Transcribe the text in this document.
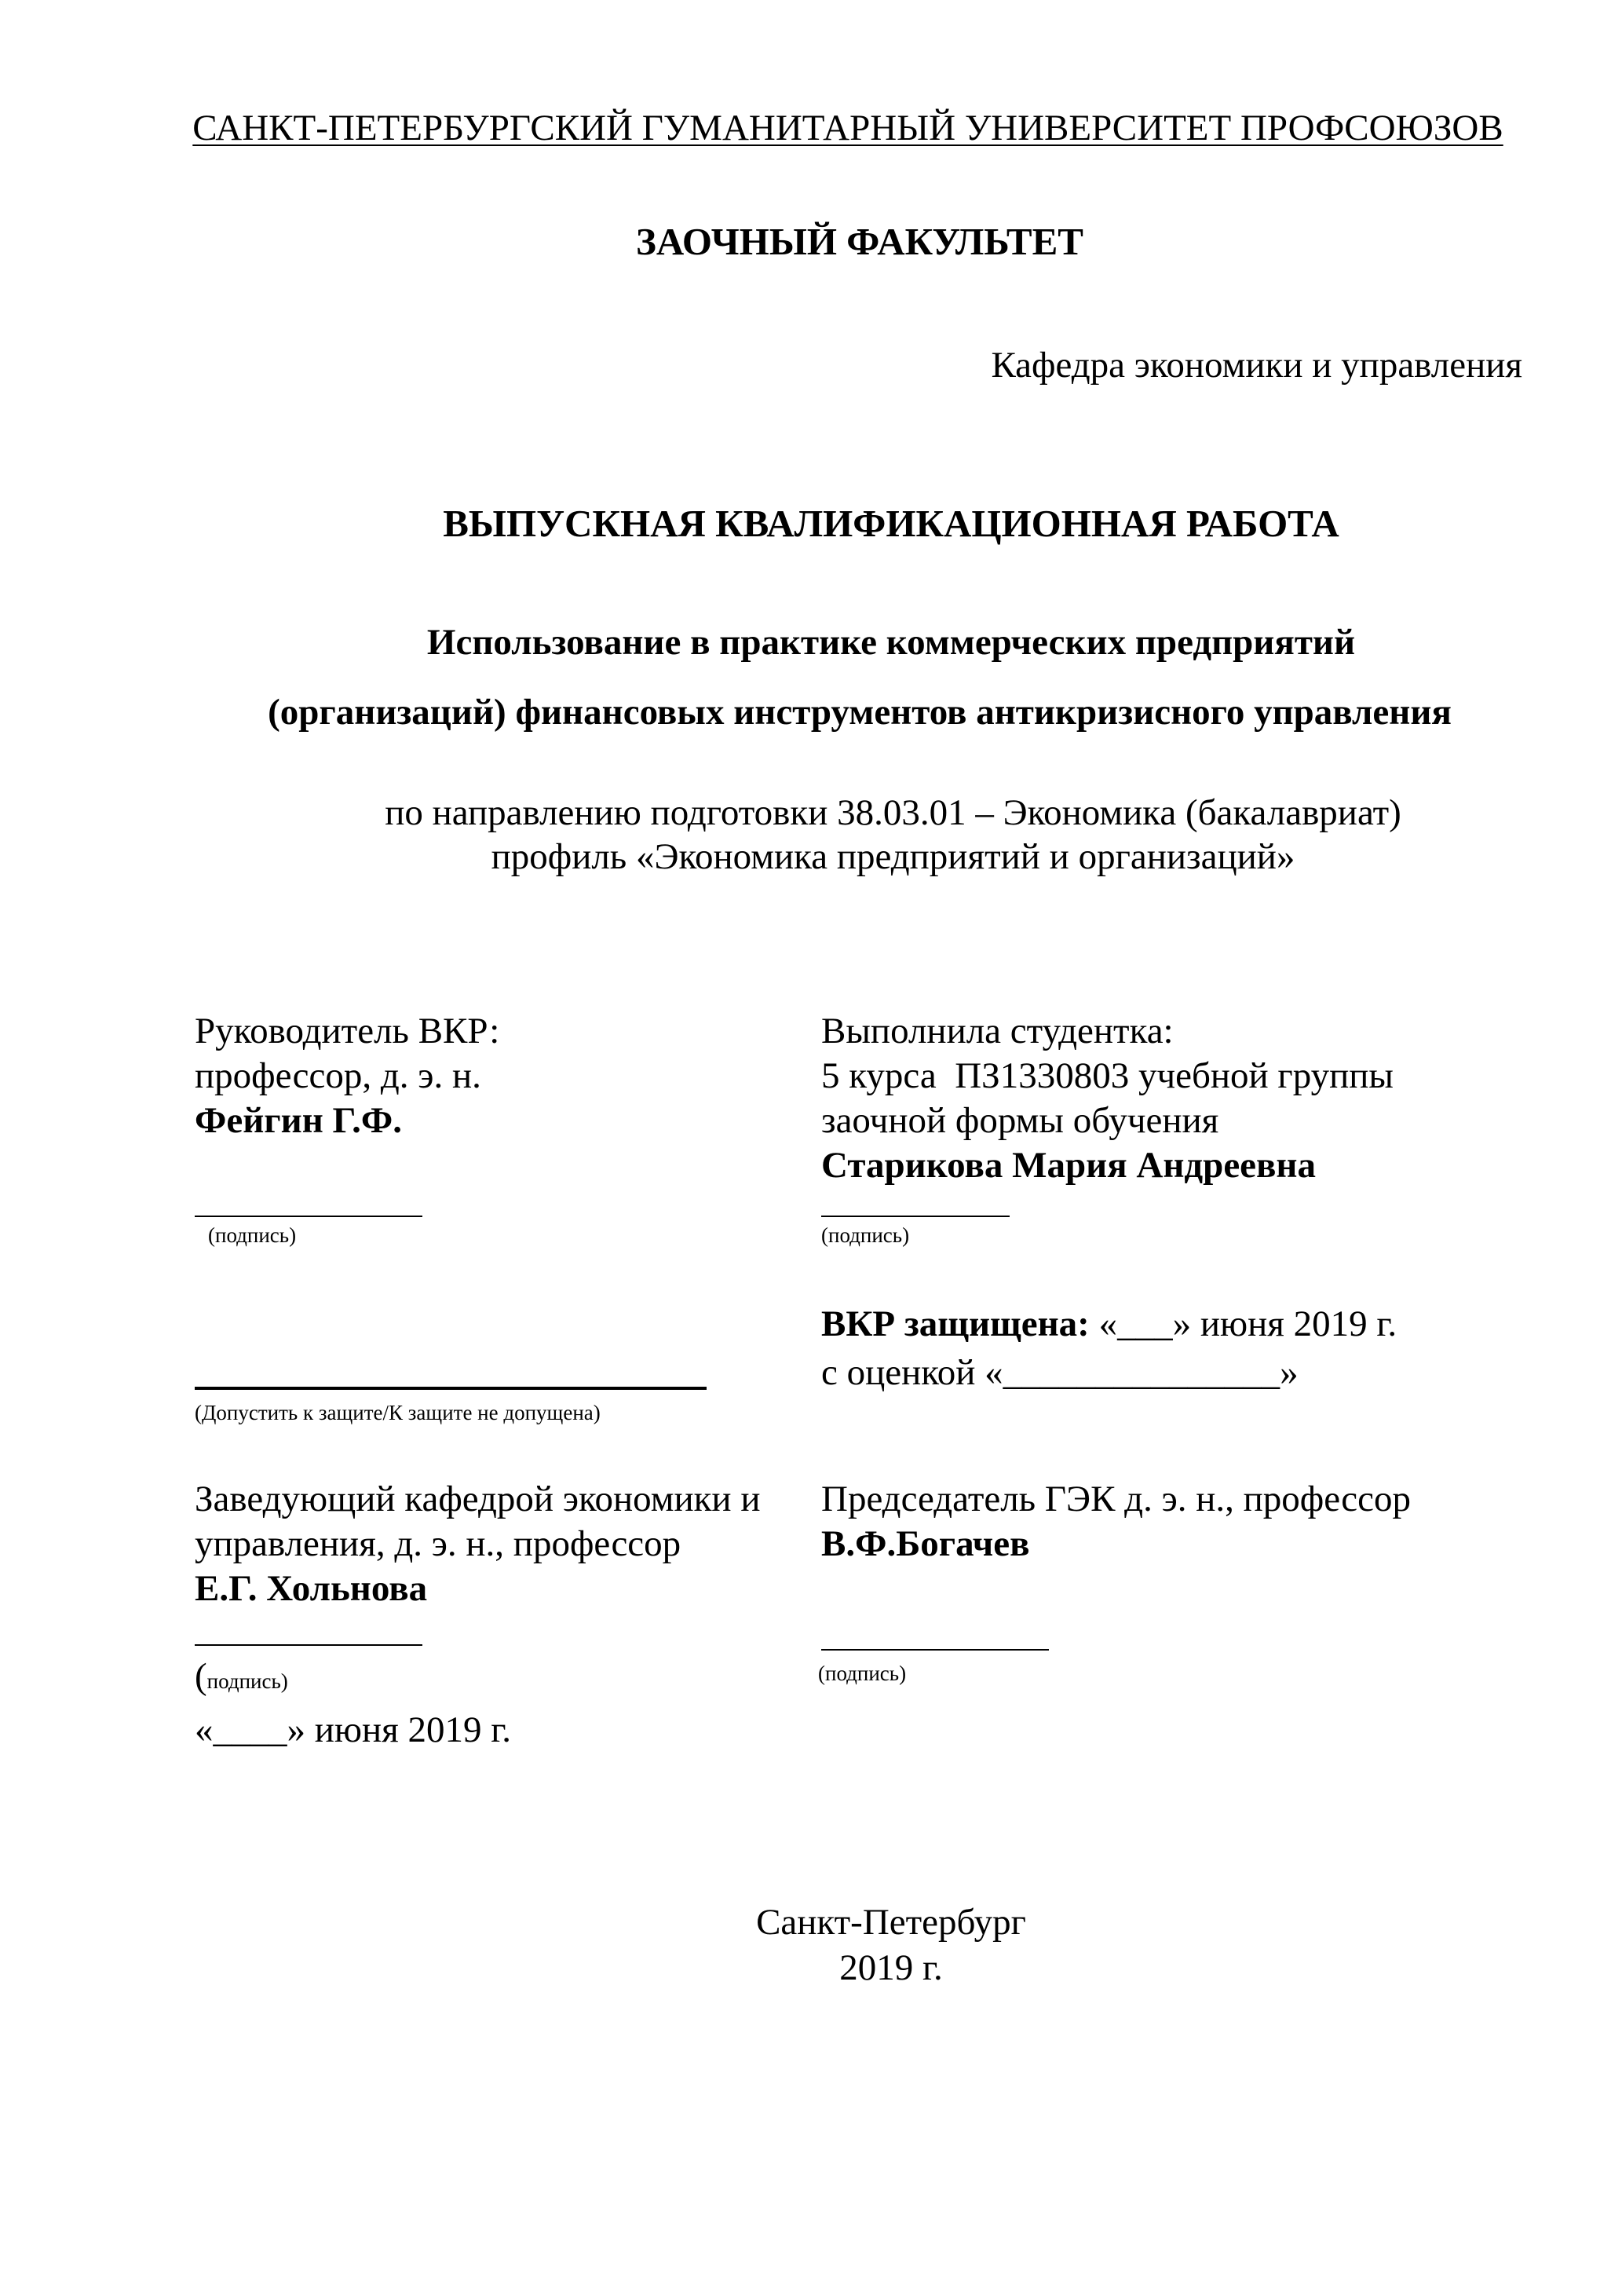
САНКТ-ПЕТЕРБУРГСКИЙ ГУМАНИТАРНЫЙ УНИВЕРСИТЕТ ПРОФСОЮЗОВ
ЗАОЧНЫЙ ФАКУЛЬТЕТ
Кафедра экономики и управления
ВЫПУСКНАЯ КВАЛИФИКАЦИОННАЯ РАБОТА
Использование в практике коммерческих предприятий
(организаций) финансовых инструментов антикризисного управления
по направлению подготовки 38.03.01 – Экономика (бакалавриат)
профиль «Экономика предприятий и организаций»
Руководитель ВКР:
профессор, д. э. н.
Фейгин Г.Ф.
(подпись)
Выполнила студентка:
5 курса  ПЗ1330803 учебной группы
заочной формы обучения
Старикова Мария Андреевна
(подпись)
(Допустить к защите/К защите не допущена)
ВКР защищена: «___» июня 2019 г.
с оценкой «_______________»
Заведующий кафедрой экономики и
управления, д. э. н., профессор
Е.Г. Хольнова
(подпись)
«____» июня 2019 г.
Председатель ГЭК д. э. н., профессор
В.Ф.Богачев
(подпись)
Санкт-Петербург
2019 г.
